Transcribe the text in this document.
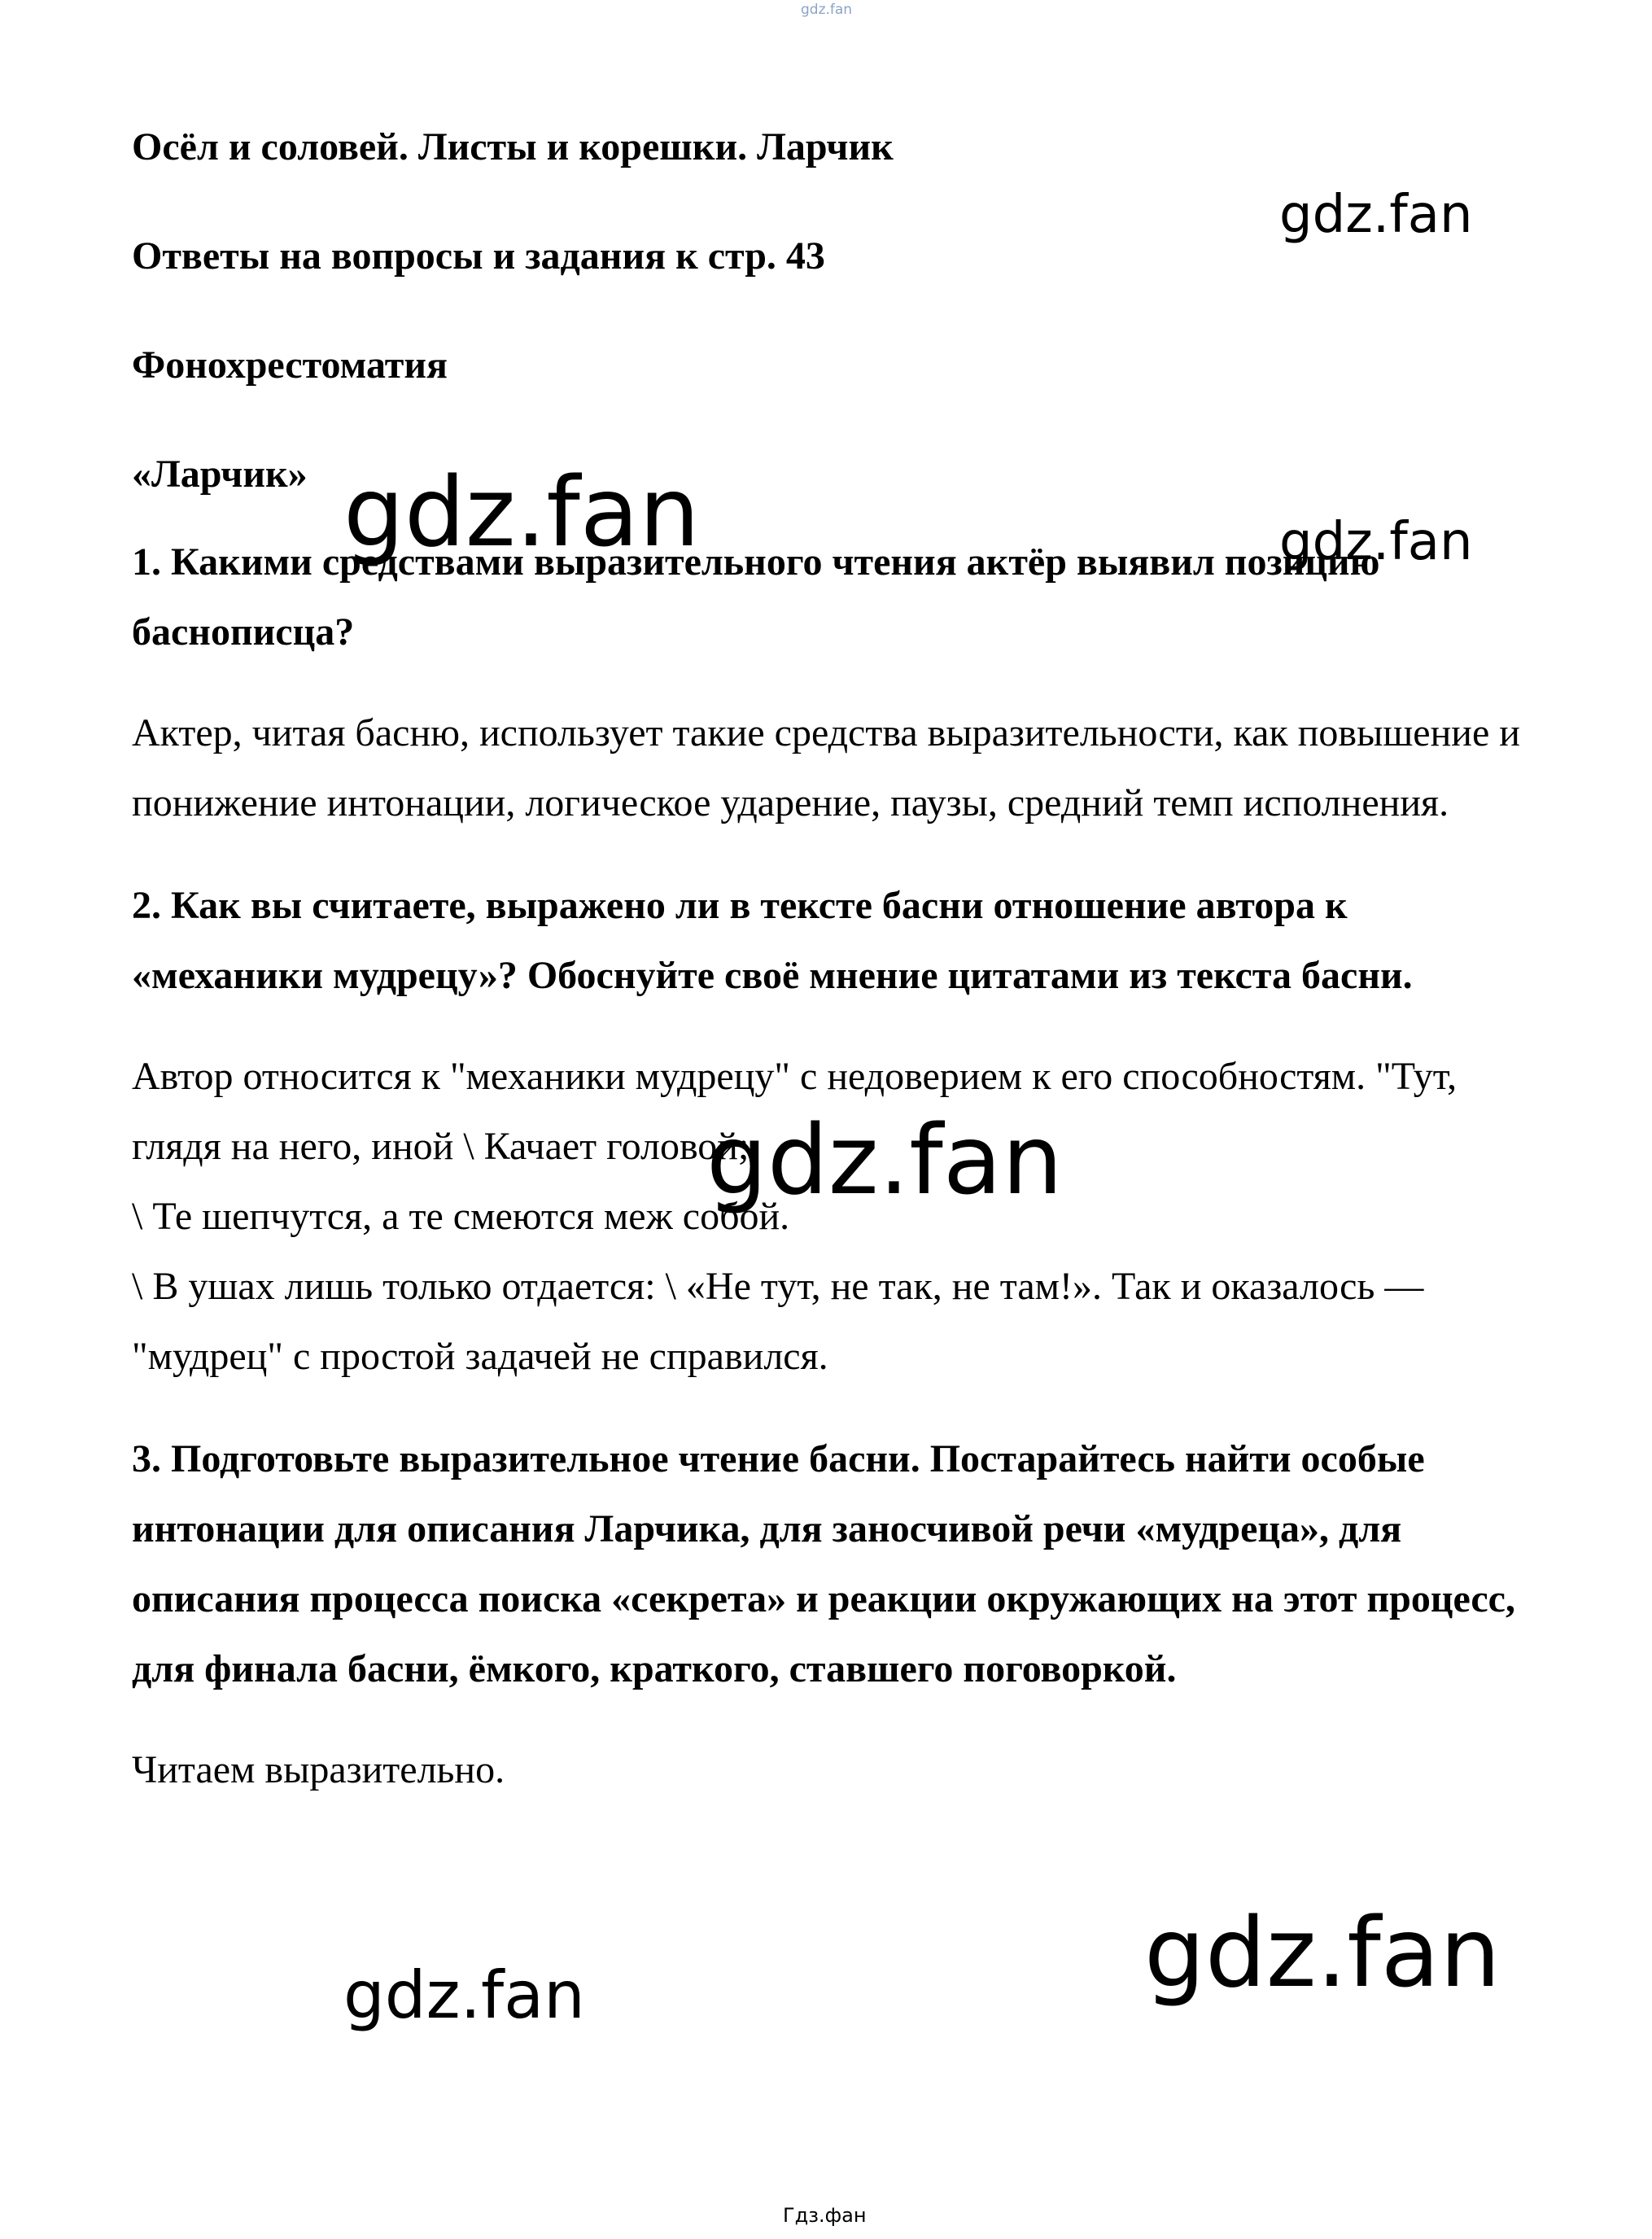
gdz.fan
Осёл и соловей. Листы и корешки. Ларчик
Ответы на вопросы и задания к стр. 43
Фонохрестоматия
«Ларчик»
1. Какими средствами выразительного чтения актёр выявил позицию баснописца?
Актер, читая басню, использует такие средства выразительности, как повышение и понижение интонации, логическое ударение, паузы, средний темп исполнения.
2. Как вы считаете, выражено ли в тексте басни отношение автора к «механики мудрецу»? Обоснуйте своё мнение цитатами из текста басни.
Автор относится к "механики мудрецу" с недоверием к его способностям. "Тут, глядя на него, иной \ Качает головой;
\ Те шепчутся, а те смеются меж собой.
\ В ушах лишь только отдается: \ «Не тут, не так, не там!». Так и оказалось — "мудрец" с простой задачей не справился.
3. Подготовьте выразительное чтение басни. Постарайтесь найти особые интонации для описания Ларчика, для заносчивой речи «мудреца», для описания процесса поиска «секрета» и реакции окружающих на этот процесс, для финала басни, ёмкого, краткого, ставшего поговоркой.
Читаем выразительно.
gdz.fan
gdz.fan	gdz.fan
gdz.fan
gdz.fan
gdz.fan
Гдз.фан
